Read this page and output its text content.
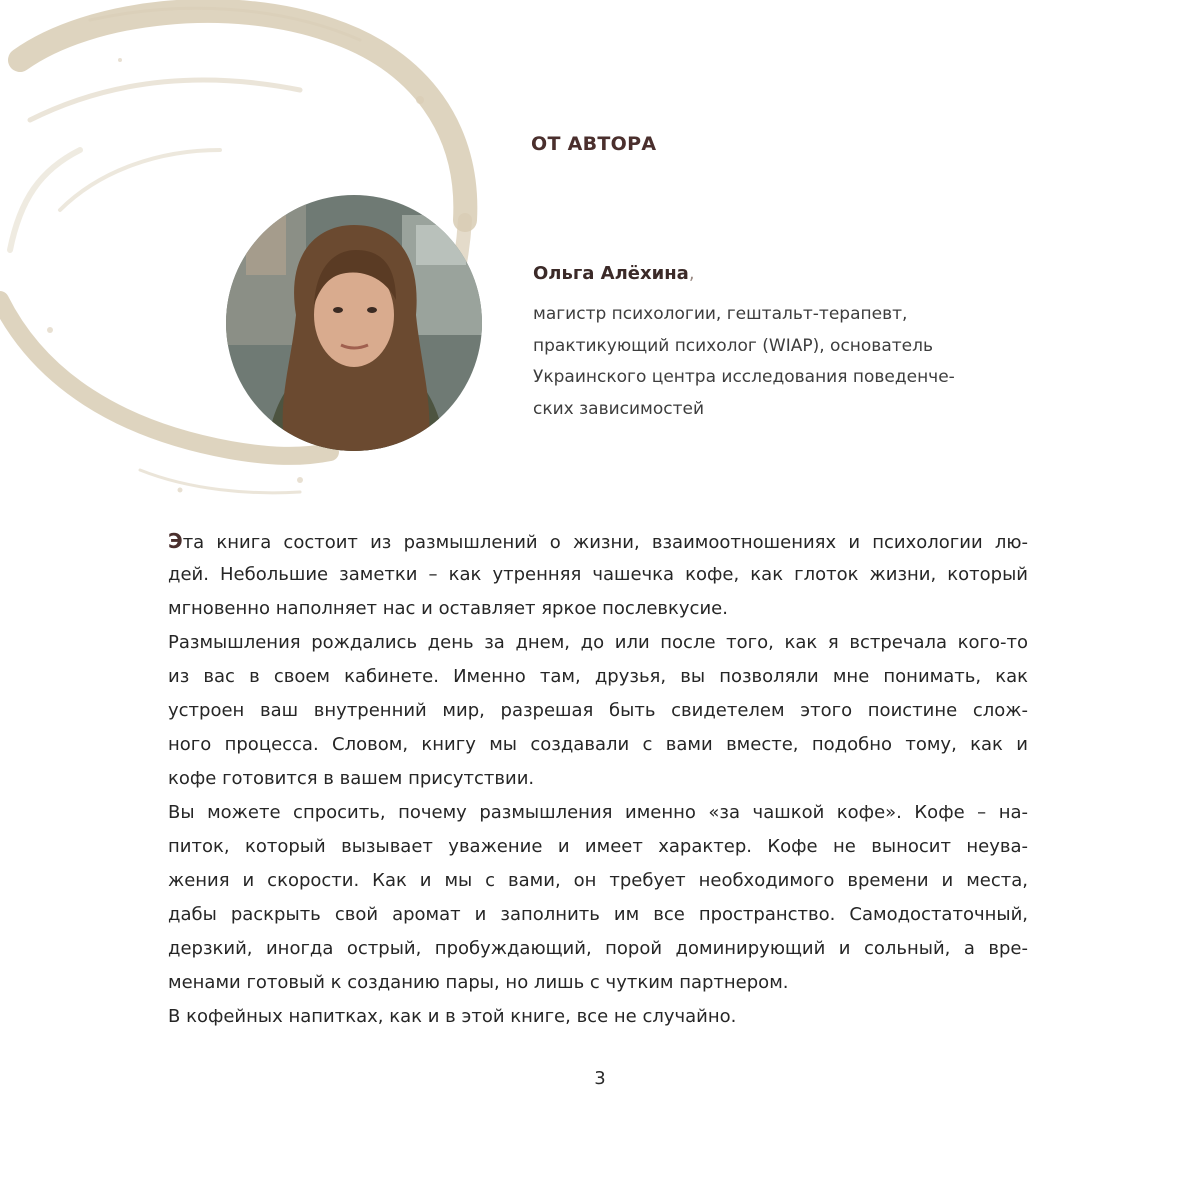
ОТ АВТОРА

Ольга Алёхина,

магистр психологии, гештальт-терапевт,
практикующий психолог (WIAP), основатель
Украинского центра исследования поведенче-
ских зависимостей
Эта книга состоит из размышлений о жизни, взаимоотношениях и психологии лю-
дей. Небольшие заметки – как утренняя чашечка кофе, как глоток жизни, который
мгновенно наполняет нас и оставляет яркое послевкусие.
Размышления рождались день за днем, до или после того, как я встречала кого-то
из вас в своем кабинете. Именно там, друзья, вы позволяли мне понимать, как
устроен ваш внутренний мир, разрешая быть свидетелем этого поистине слож-
ного процесса. Словом, книгу мы создавали с вами вместе, подобно тому, как и
кофе готовится в вашем присутствии.
Вы можете спросить, почему размышления именно «за чашкой кофе». Кофе – на-
питок, который вызывает уважение и имеет характер. Кофе не выносит неува-
жения и скорости. Как и мы с вами, он требует необходимого времени и места,
дабы раскрыть свой аромат и заполнить им все пространство. Самодостаточный,
дерзкий, иногда острый, пробуждающий, порой доминирующий и сольный, а вре-
менами готовый к созданию пары, но лишь с чутким партнером.
В кофейных напитках, как и в этой книге, все не случайно.
3
